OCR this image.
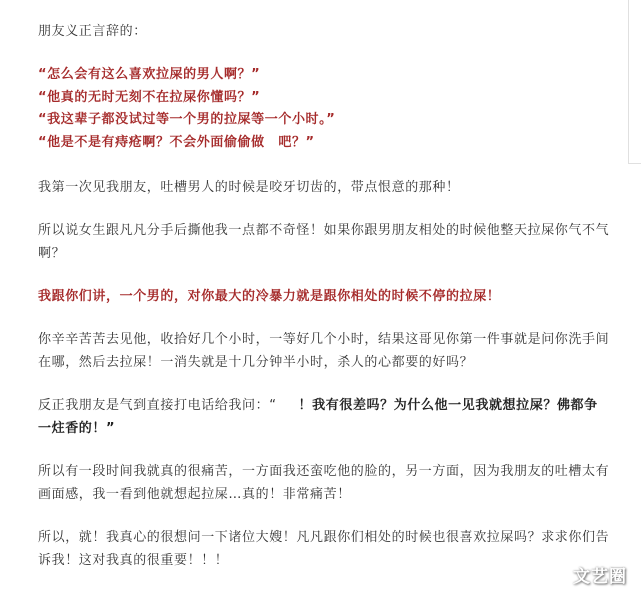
朋友义正言辞的：

“怎么会有这么喜欢拉屎的男人啊？”

“他真的无时无刻不在拉屎你懂吗？”

“我这辈子都没试过等一个男的拉屎等一个小时。”

“他是不是有痔疮啊？不会外面偷偷做　吧？”

我第一次见我朋友，吐槽男人的时候是咬牙切齿的，带点恨意的那种！

所以说女生跟凡凡分手后撕他我一点都不奇怪！如果你跟男朋友相处的时候他整天拉屎你气不气啊？

我跟你们讲，一个男的，对你最大的冷暴力就是跟你相处的时候不停的拉屎！

你辛辛苦苦去见他，收拾好几个小时，一等好几个小时，结果这哥见你第一件事就是问你洗手间在哪，然后去拉屎！一消失就是十几分钟半小时，杀人的心都要的好吗？

反正我朋友是气到直接打电话给我问：“ ！我有很差吗？为什么他一见我就想拉屎？佛都争一炷香的！”

所以有一段时间我就真的很痛苦，一方面我还蛮吃他的脸的，另一方面，因为我朋友的吐槽太有画面感，我一看到他就想起拉屎…真的！非常痛苦！

所以，就！我真心的很想问一下诸位大嫂！凡凡跟你们相处的时候也很喜欢拉屎吗？求求你们告诉我！这对我真的很重要！！！

文艺圈
